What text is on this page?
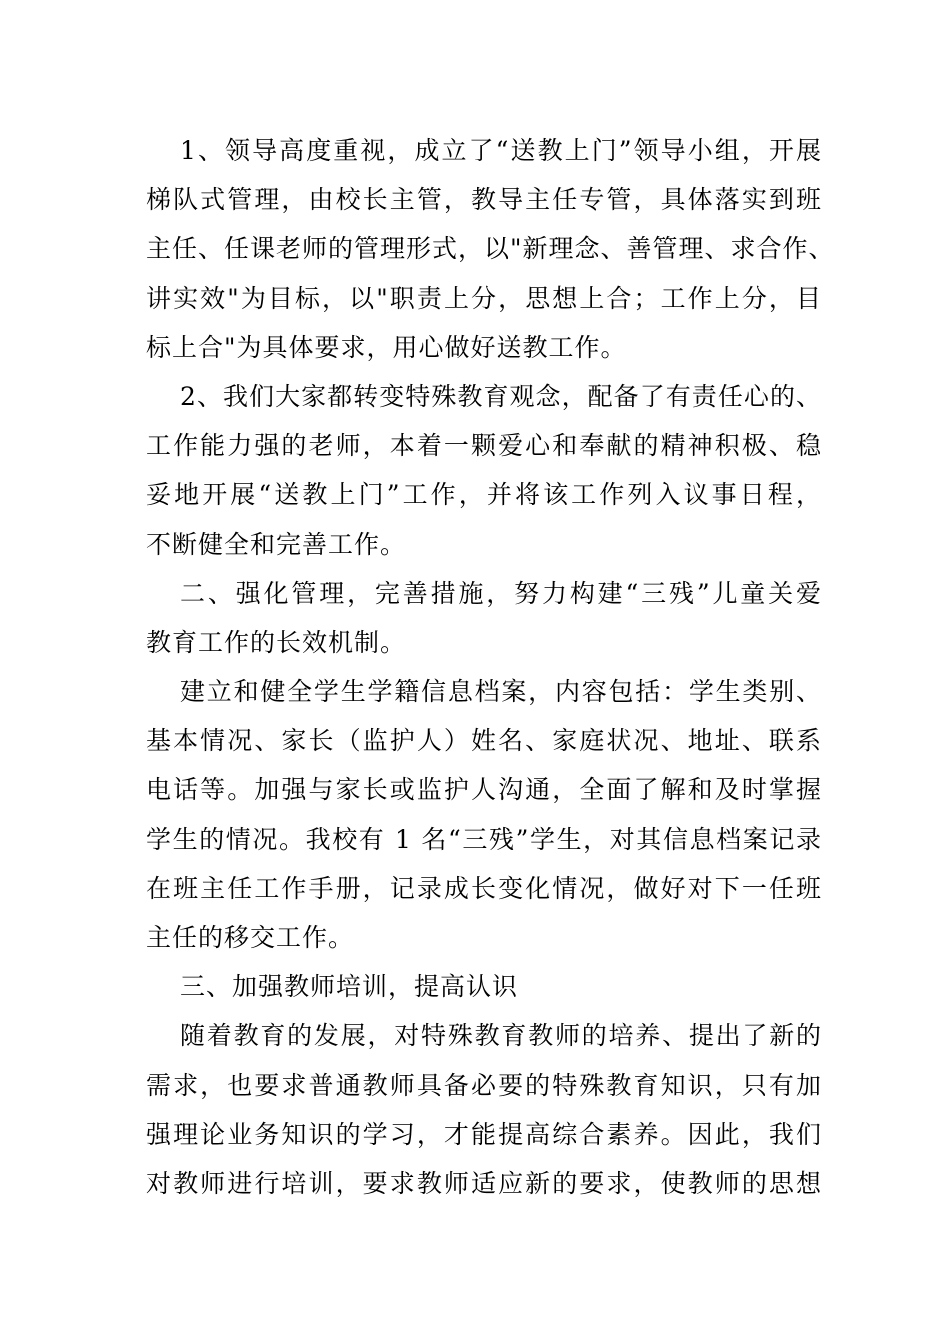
1、领导高度重视，成立了“送教上门”领导小组，开展
梯队式管理，由校长主管，教导主任专管，具体落实到班
主任、任课老师的管理形式，以"新理念、善管理、求合作、
讲实效"为目标，以"职责上分，思想上合；工作上分，目
标上合"为具体要求，用心做好送教工作。
2、我们大家都转变特殊教育观念，配备了有责任心的、
工作能力强的老师，本着一颗爱心和奉献的精神积极、稳
妥地开展“送教上门”工作，并将该工作列入议事日程，
不断健全和完善工作。
二、强化管理，完善措施，努力构建“三残”儿童关爱
教育工作的长效机制。
建立和健全学生学籍信息档案，内容包括：学生类别、
基本情况、家长（监护人）姓名、家庭状况、地址、联系
电话等。加强与家长或监护人沟通，全面了解和及时掌握
学生的情况。我校有 1 名“三残”学生，对其信息档案记录
在班主任工作手册，记录成长变化情况，做好对下一任班
主任的移交工作。
三、加强教师培训，提高认识
随着教育的发展，对特殊教育教师的培养、提出了新的
需求，也要求普通教师具备必要的特殊教育知识，只有加
强理论业务知识的学习，才能提高综合素养。因此，我们
对教师进行培训，要求教师适应新的要求，使教师的思想
